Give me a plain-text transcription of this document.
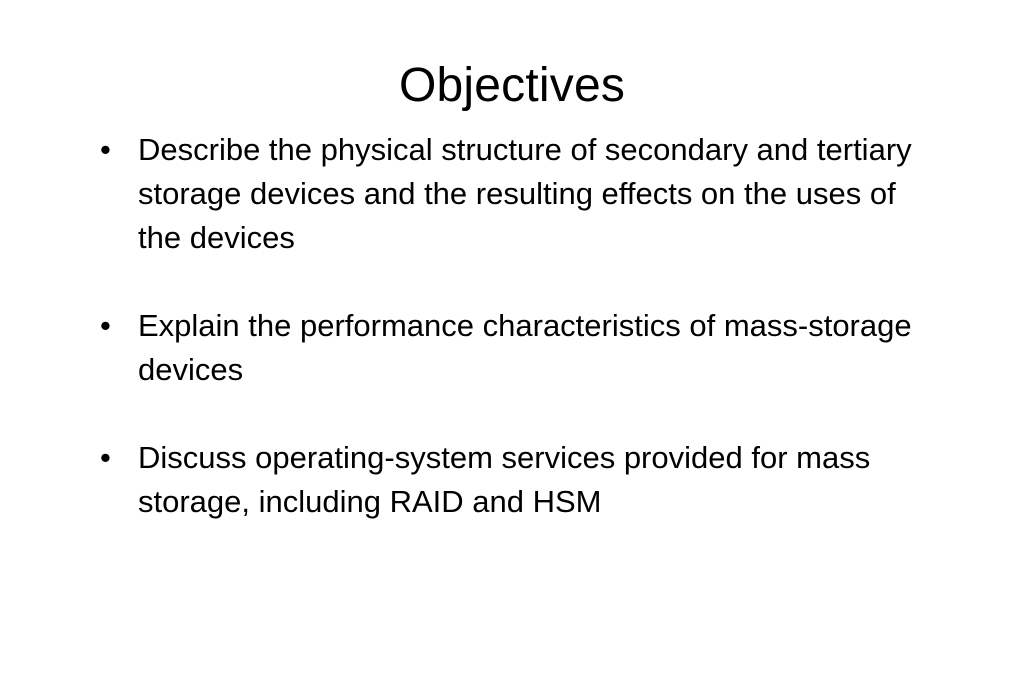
Objectives
• Describe the physical structure of secondary and tertiary storage devices and the resulting effects on the uses of the devices
• Explain the performance characteristics of mass-storage devices
• Discuss operating-system services provided for mass storage, including RAID and HSM
